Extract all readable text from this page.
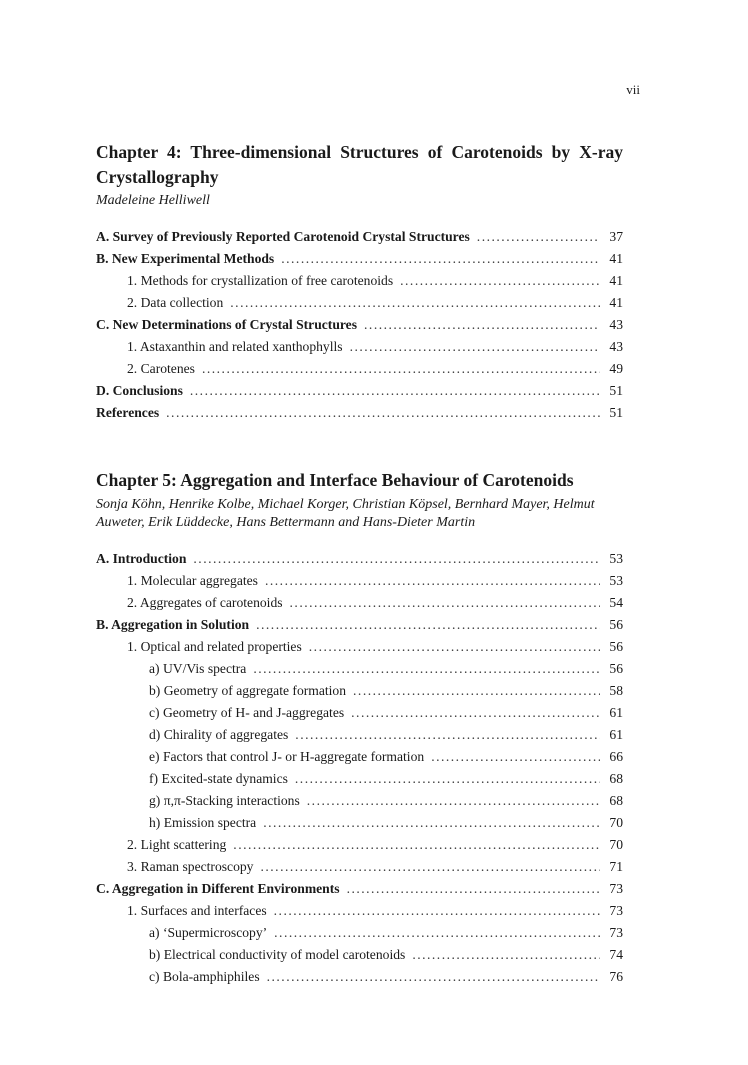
vii
Chapter 4: Three-dimensional Structures of Carotenoids by X-ray Crystallography

Madeleine Helliwell

A. Survey of Previously Reported Carotenoid Crystal Structures .....	37
B. New Experimental Methods .....	41
1. Methods for crystallization of free carotenoids .....	41
2. Data collection .....	41
C. New Determinations of Crystal Structures .....	43
1. Astaxanthin and related xanthophylls .....	43
2. Carotenes .....	49
D. Conclusions .....	51
References .....	51
Chapter 5: Aggregation and Interface Behaviour of Carotenoids

Sonja Köhn, Henrike Kolbe, Michael Korger, Christian Köpsel, Bernhard Mayer, Helmut Auweter, Erik Lüddecke, Hans Bettermann and Hans-Dieter Martin

A. Introduction .....	53
1. Molecular aggregates .....	53
2. Aggregates of carotenoids .....	54
B. Aggregation in Solution .....	56
1. Optical and related properties .....	56
a) UV/Vis spectra .....	56
b) Geometry of aggregate formation .....	58
c) Geometry of H- and J-aggregates .....	61
d) Chirality of aggregates .....	61
e) Factors that control J- or H-aggregate formation .....	66
f) Excited-state dynamics .....	68
g) π,π-Stacking interactions .....	68
h) Emission spectra .....	70
2. Light scattering .....	70
3. Raman spectroscopy .....	71
C. Aggregation in Different Environments .....	73
1. Surfaces and interfaces .....	73
a) ‘Supermicroscopy’ .....	73
b) Electrical conductivity of model carotenoids .....	74
c) Bola-amphiphiles .....	76
